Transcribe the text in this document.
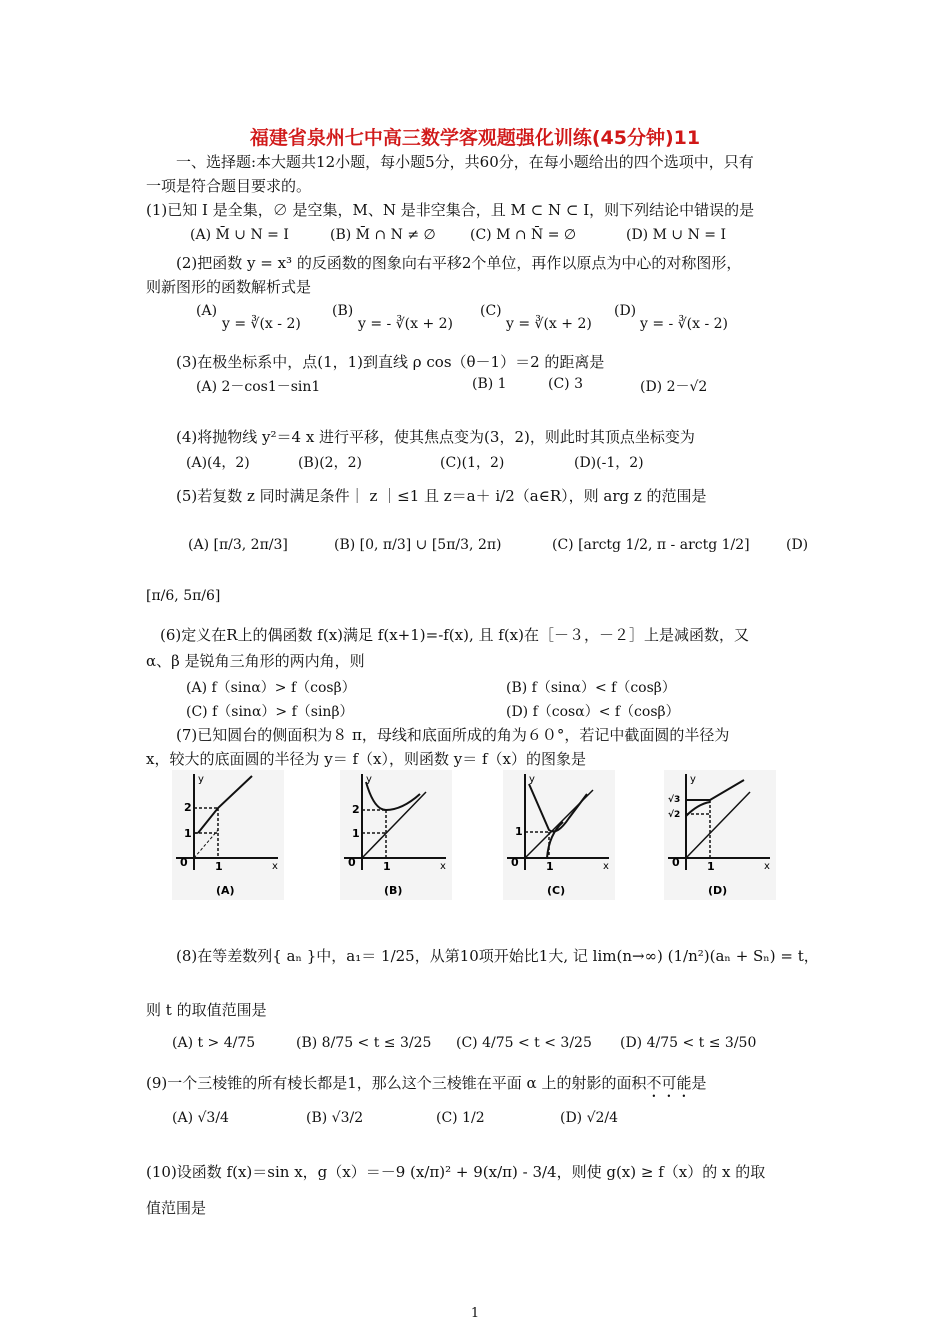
福建省泉州七中高三数学客观题强化训练(45分钟)11
一、选择题:本大题共12小题，每小题5分，共60分，在每小题给出的四个选项中，只有
一项是符合题目要求的。
(1)已知 I 是全集，∅ 是空集，M、N 是非空集合，且 M ⊂ N ⊂ I，则下列结论中错误的是
(A) M̄ ∪ N = I	(B) M̄ ∩ N ≠ ∅ (C) M ∩ N̄ = ∅	(D) M ∪ N = I
(2)把函数 y = x³ 的反函数的图象向右平移2个单位，再作以原点为中心的对称图形，
则新图形的函数解析式是
(A)
y = ∛(x - 2)
(B)
y = - ∛(x + 2)
(C)
y = ∛(x + 2)
(D)
y = - ∛(x - 2)
(3)在极坐标系中，点(1，1)到直线 ρ cos（θ－1）＝2 的距离是
(A) 2－cos1－sin1	(B) 1	(C) 3	(D) 2－√2
(4)将抛物线 y²＝4 x 进行平移，使其焦点变为(3，2)，则此时其顶点坐标变为
(A)(4，2)	(B)(2，2)	(C)(1，2)	(D)(-1，2)
(5)若复数 z 同时满足条件｜ z ｜≤1 且 z＝a＋ i/2（a∈R），则 arg z 的范围是
(A) [π/3, 2π/3]	(B) [0, π/3] ∪ [5π/3, 2π)	(C) [arctg 1/2, π - arctg 1/2]	(D)
[π/6, 5π/6]
(6)定义在R上的偶函数 f(x)满足 f(x+1)=-f(x), 且 f(x)在［－３，－２］上是减函数，又
α、β 是锐角三角形的两内角，则
(A) f（sinα）> f（cosβ）	(B) f（sinα）< f（cosβ）
(C) f（sinα）> f（sinβ）	(D) f（cosα）< f（cosβ）
(7)已知圆台的侧面积为８ π，母线和底面所成的角为６０°，若记中截面圆的半径为
x，较大的底面圆的半径为 y＝ f（x），则函数 y＝ f（x）的图象是
y
2
1
0 1	x
(A)
y
2
1
0 1	x
(B)
y
1
0 1	x
(C)
y
√3
√2
0 1	x
(D)
(8)在等差数列{ aₙ }中，a₁＝ 1/25，从第10项开始比1大, 记 lim(n→∞) (1/n²)(aₙ + Sₙ) = t，
则 t 的取值范围是
(A) t > 4/75	(B) 8/75 < t ≤ 3/25 (C) 4/75 < t < 3/25 (D) 4/75 < t ≤ 3/50
(9)一个三棱锥的所有棱长都是1，那么这个三棱锥在平面 α 上的射影的面积不可能是
(A) √3/4	(B) √3/2	(C) 1/2	(D) √2/4
(10)设函数 f(x)＝sin x，g（x）＝－9 (x/π)² + 9(x/π) - 3/4，则使 g(x) ≥ f（x）的 x 的取
值范围是
1
